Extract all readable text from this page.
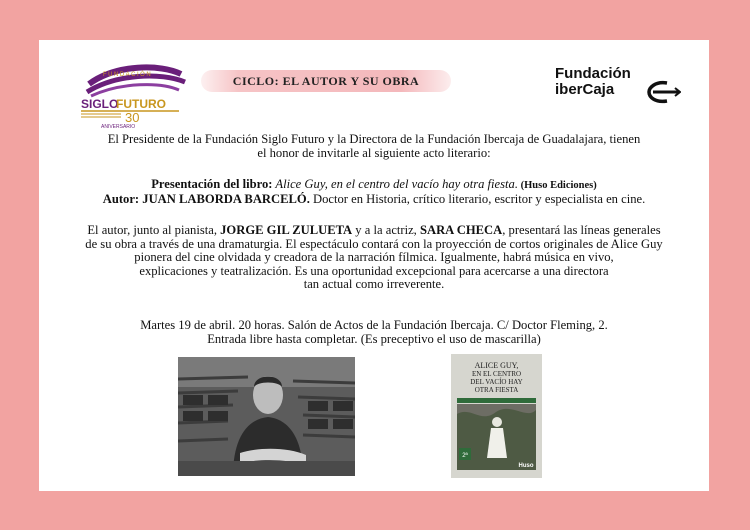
FUNDACIÓN
SIGLO
FUTURO
30
ANIVERSARIO
CICLO: EL AUTOR Y SU OBRA	Fundación
iberCaja
El Presidente de la Fundación Siglo Futuro y la Directora de la Fundación Ibercaja de Guadalajara, tienen
el honor de invitarle al siguiente acto literario:
Presentación del libro: Alice Guy, en el centro del vacío hay otra fiesta. (Huso Ediciones)
Autor: JUAN LABORDA BARCELÓ. Doctor en Historia, crítico literario, escritor y especialista en cine.
El autor, junto al pianista, JORGE GIL ZULUETA y a la actriz, SARA CHECA, presentará las líneas generales
de su obra a través de una dramaturgia. El espectáculo contará con la proyección de cortos originales de Alice Guy
pionera del cine olvidada y creadora de la narración fílmica. Igualmente, habrá música en vivo,
explicaciones y teatralización. Es una oportunidad excepcional para acercarse a una directora
tan actual como irreverente.
Martes 19 de abril. 20 horas. Salón de Actos de la Fundación Ibercaja. C/ Doctor Fleming, 2.
Entrada libre hasta completar. (Es preceptivo el uso de mascarilla)
ALICE GUY,
EN EL CENTRO
DEL VACÍO HAY
OTRA FIESTA
2ª
Huso
